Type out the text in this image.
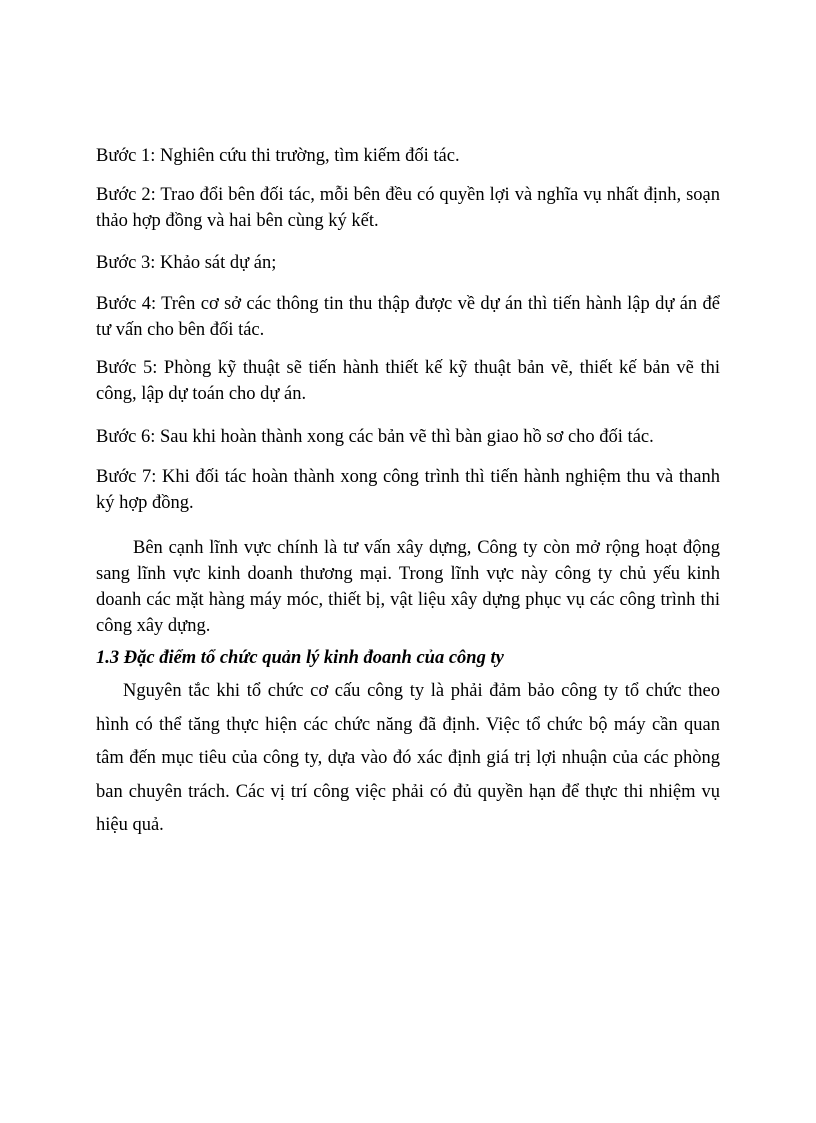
Bước 1: Nghiên cứu thi trường, tìm kiếm đối tác.

Bước 2: Trao đổi bên đối tác, mỗi bên đều có quyền lợi và nghĩa vụ nhất định, soạn thảo hợp đồng và hai bên cùng ký kết.

Bước 3: Khảo sát dự án;

Bước 4: Trên cơ sở các thông tin thu thập được về dự án thì tiến hành lập dự án để tư vấn cho bên đối tác.

Bước 5: Phòng kỹ thuật sẽ tiến hành thiết kế kỹ thuật bản vẽ, thiết kế bản vẽ thi công, lập dự toán cho dự án.

Bước 6: Sau khi hoàn thành xong các bản vẽ thì bàn giao hồ sơ cho đối tác.

Bước 7: Khi đối tác hoàn thành xong công trình thì tiến hành nghiệm thu và thanh ký hợp đồng.

Bên cạnh lĩnh vực chính là tư vấn xây dựng, Công ty còn mở rộng hoạt động sang lĩnh vực kinh doanh thương mại. Trong lĩnh vực này công ty chủ yếu kinh doanh các mặt hàng máy móc, thiết bị, vật liệu xây dựng phục vụ các công trình thi công xây dựng.

1.3 Đặc điểm tổ chức quản lý kinh đoanh của công ty

Nguyên tắc khi tổ chức cơ cấu công ty là phải đảm bảo công ty tổ chức theo hình có thể tăng thực hiện các chức năng đã định. Việc tổ chức bộ máy cần quan tâm đến mục tiêu của công ty, dựa vào đó xác định giá trị lợi nhuận của các phòng ban chuyên trách. Các vị trí công việc phải có đủ quyền hạn để thực thi nhiệm vụ hiệu quả.
